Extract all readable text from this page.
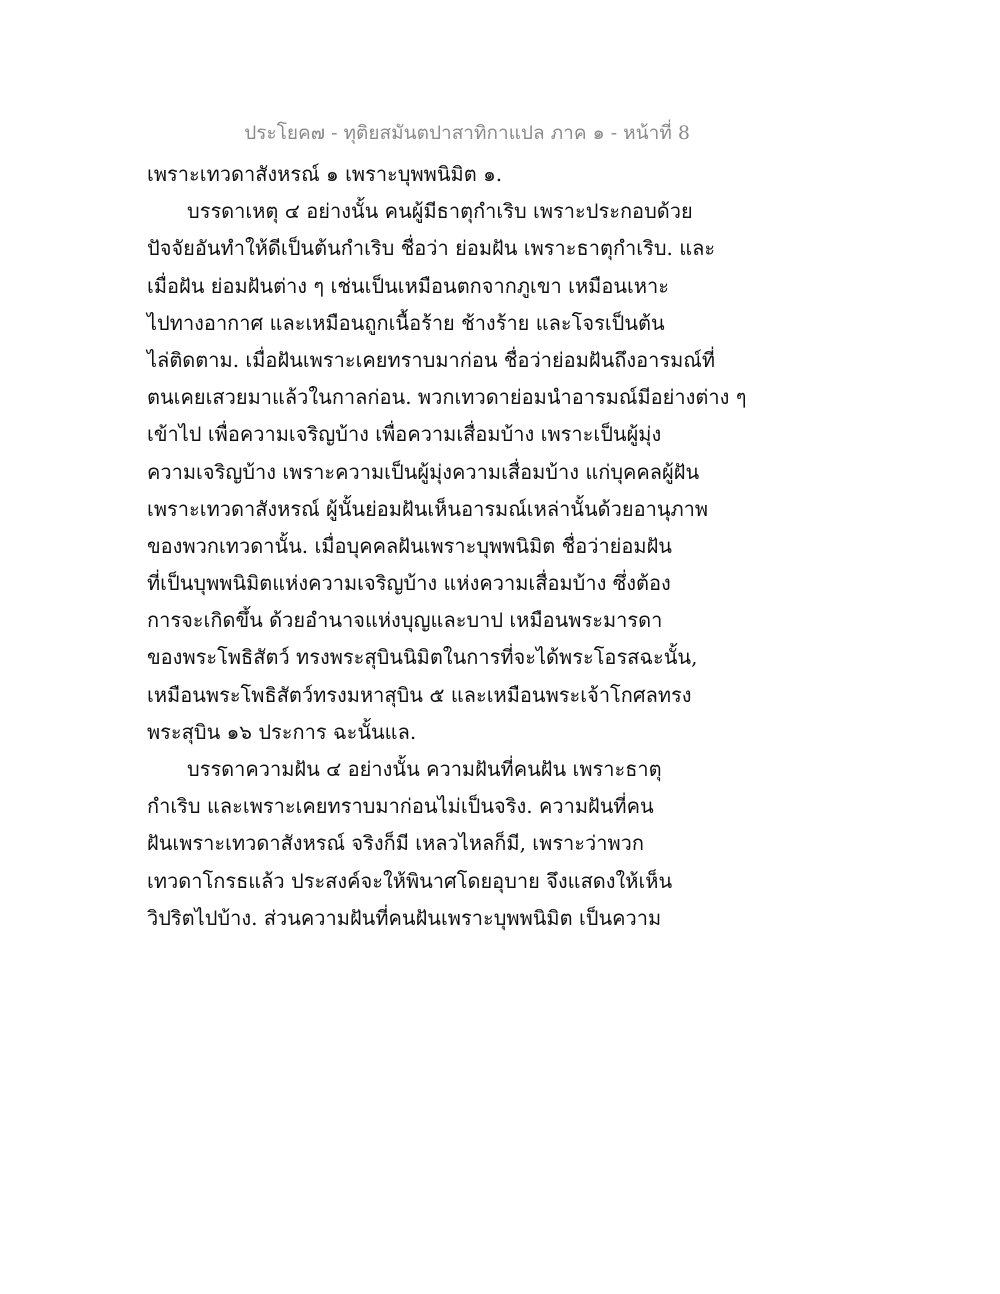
ประโยค๗ - ทุติยสมันตปาสาทิกาแปล ภาค ๑ - หน้าที่ 8
เพราะเทวดาสังหรณ์ ๑ เพราะบุพพนิมิต ๑.
บรรดาเหตุ ๔ อย่างนั้น คนผู้มีธาตุกำเริบ เพราะประกอบด้วย
ปัจจัยอันทำให้ดีเป็นต้นกำเริบ ชื่อว่า ย่อมฝัน เพราะธาตุกำเริบ. และ
เมื่อฝัน ย่อมฝันต่าง ๆ เช่นเป็นเหมือนตกจากภูเขา เหมือนเหาะ
ไปทางอากาศ และเหมือนถูกเนื้อร้าย ช้างร้าย และโจรเป็นต้น
ไล่ติดตาม. เมื่อฝันเพราะเคยทราบมาก่อน ชื่อว่าย่อมฝันถึงอารมณ์ที่
ตนเคยเสวยมาแล้วในกาลก่อน. พวกเทวดาย่อมนำอารมณ์มีอย่างต่าง ๆ
เข้าไป เพื่อความเจริญบ้าง เพื่อความเสื่อมบ้าง เพราะเป็นผู้มุ่ง
ความเจริญบ้าง เพราะความเป็นผู้มุ่งความเสื่อมบ้าง แก่บุคคลผู้ฝัน
เพราะเทวดาสังหรณ์ ผู้นั้นย่อมฝันเห็นอารมณ์เหล่านั้นด้วยอานุภาพ
ของพวกเทวดานั้น. เมื่อบุคคลฝันเพราะบุพพนิมิต ชื่อว่าย่อมฝัน
ที่เป็นบุพพนิมิตแห่งความเจริญบ้าง แห่งความเสื่อมบ้าง ซึ่งต้อง
การจะเกิดขึ้น ด้วยอำนาจแห่งบุญและบาป เหมือนพระมารดา
ของพระโพธิสัตว์ ทรงพระสุบินนิมิตในการที่จะได้พระโอรสฉะนั้น,
เหมือนพระโพธิสัตว์ทรงมหาสุบิน ๕ และเหมือนพระเจ้าโกศลทรง
พระสุบิน ๑๖ ประการ ฉะนั้นแล.
บรรดาความฝัน ๔ อย่างนั้น ความฝันที่คนฝัน เพราะธาตุ
กำเริบ และเพราะเคยทราบมาก่อนไม่เป็นจริง. ความฝันที่คน
ฝันเพราะเทวดาสังหรณ์ จริงก็มี เหลวไหลก็มี, เพราะว่าพวก
เทวดาโกรธแล้ว ประสงค์จะให้พินาศโดยอุบาย จึงแสดงให้เห็น
วิปริตไปบ้าง. ส่วนความฝันที่คนฝันเพราะบุพพนิมิต เป็นความ
